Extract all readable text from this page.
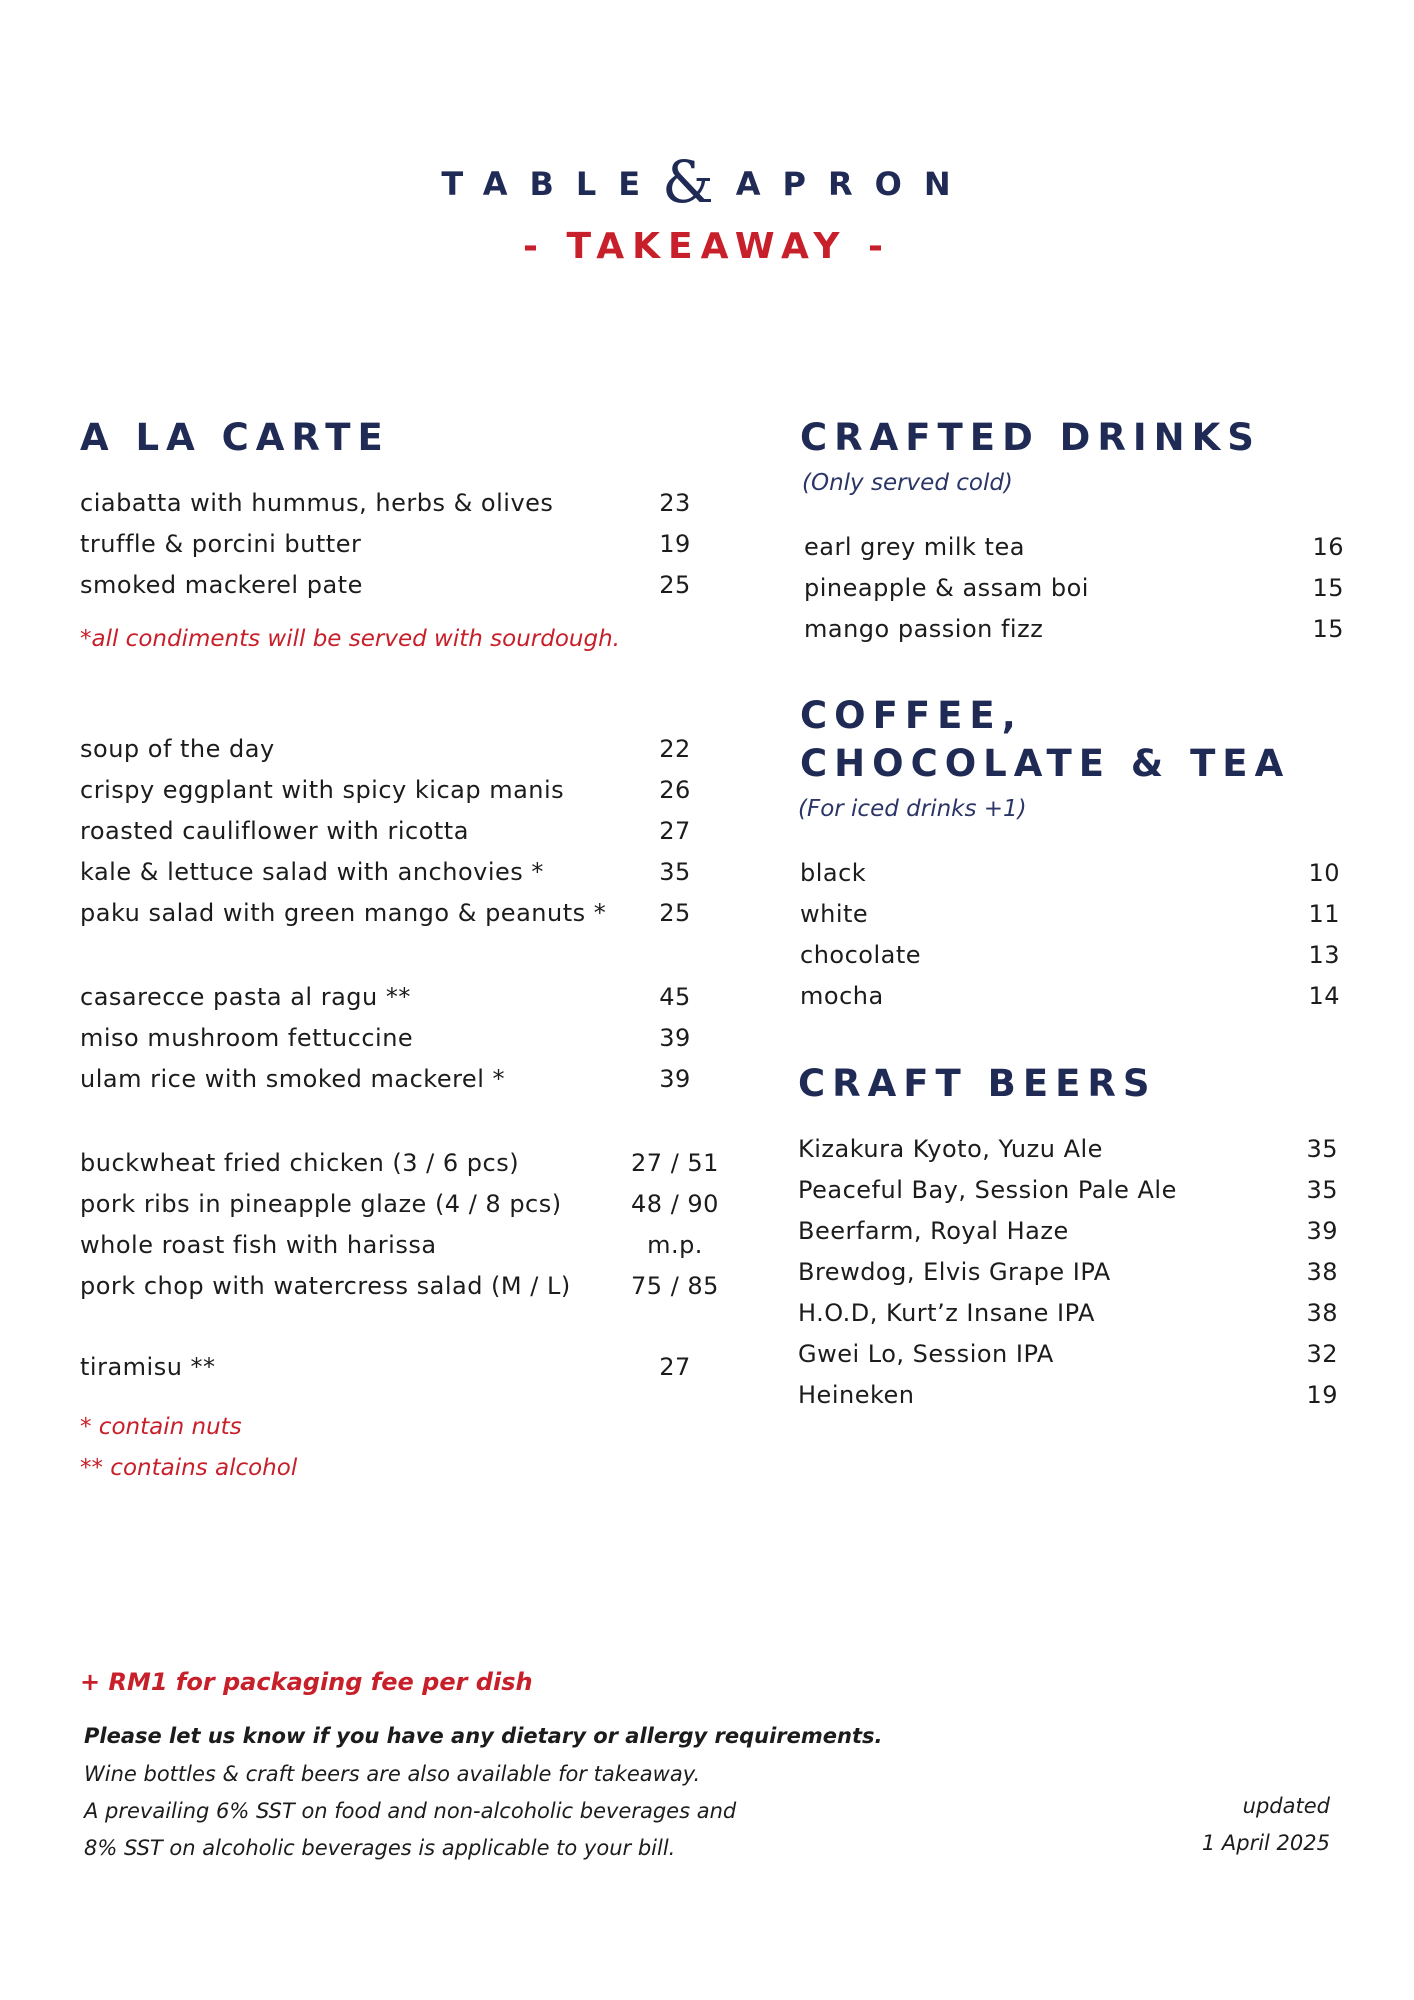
TABLE & APRON
- TAKEAWAY -
A LA CARTE
ciabatta with hummus, herbs & olives	23
truffle & porcini butter	19
smoked mackerel pate	25
*all condiments will be served with sourdough.
soup of the day	22
crispy eggplant with spicy kicap manis	26
roasted cauliflower with ricotta	27
kale & lettuce salad with anchovies *	35
paku salad with green mango & peanuts *	25
casarecce pasta al ragu **	45
miso mushroom fettuccine	39
ulam rice with smoked mackerel *	39
buckwheat fried chicken (3 / 6 pcs)	27 / 51
pork ribs in pineapple glaze (4 / 8 pcs)	48 / 90
whole roast fish with harissa	m.p.
pork chop with watercress salad (M / L)	75 / 85
tiramisu **	27
* contain nuts
** contains alcohol
CRAFTED DRINKS
(Only served cold)
earl grey milk tea	16
pineapple & assam boi	15
mango passion fizz	15
COFFEE,
CHOCOLATE & TEA
(For iced drinks +1)
black	10
white	11
chocolate	13
mocha	14
CRAFT BEERS
Kizakura Kyoto, Yuzu Ale	35
Peaceful Bay, Session Pale Ale	35
Beerfarm, Royal Haze	39
Brewdog, Elvis Grape IPA	38
H.O.D, Kurt’z Insane IPA	38
Gwei Lo, Session IPA	32
Heineken	19
+ RM1 for packaging fee per dish
Please let us know if you have any dietary or allergy requirements.
Wine bottles & craft beers are also available for takeaway.
A prevailing 6% SST on food and non-alcoholic beverages and
8% SST on alcoholic beverages is applicable to your bill.
updated
1 April 2025
